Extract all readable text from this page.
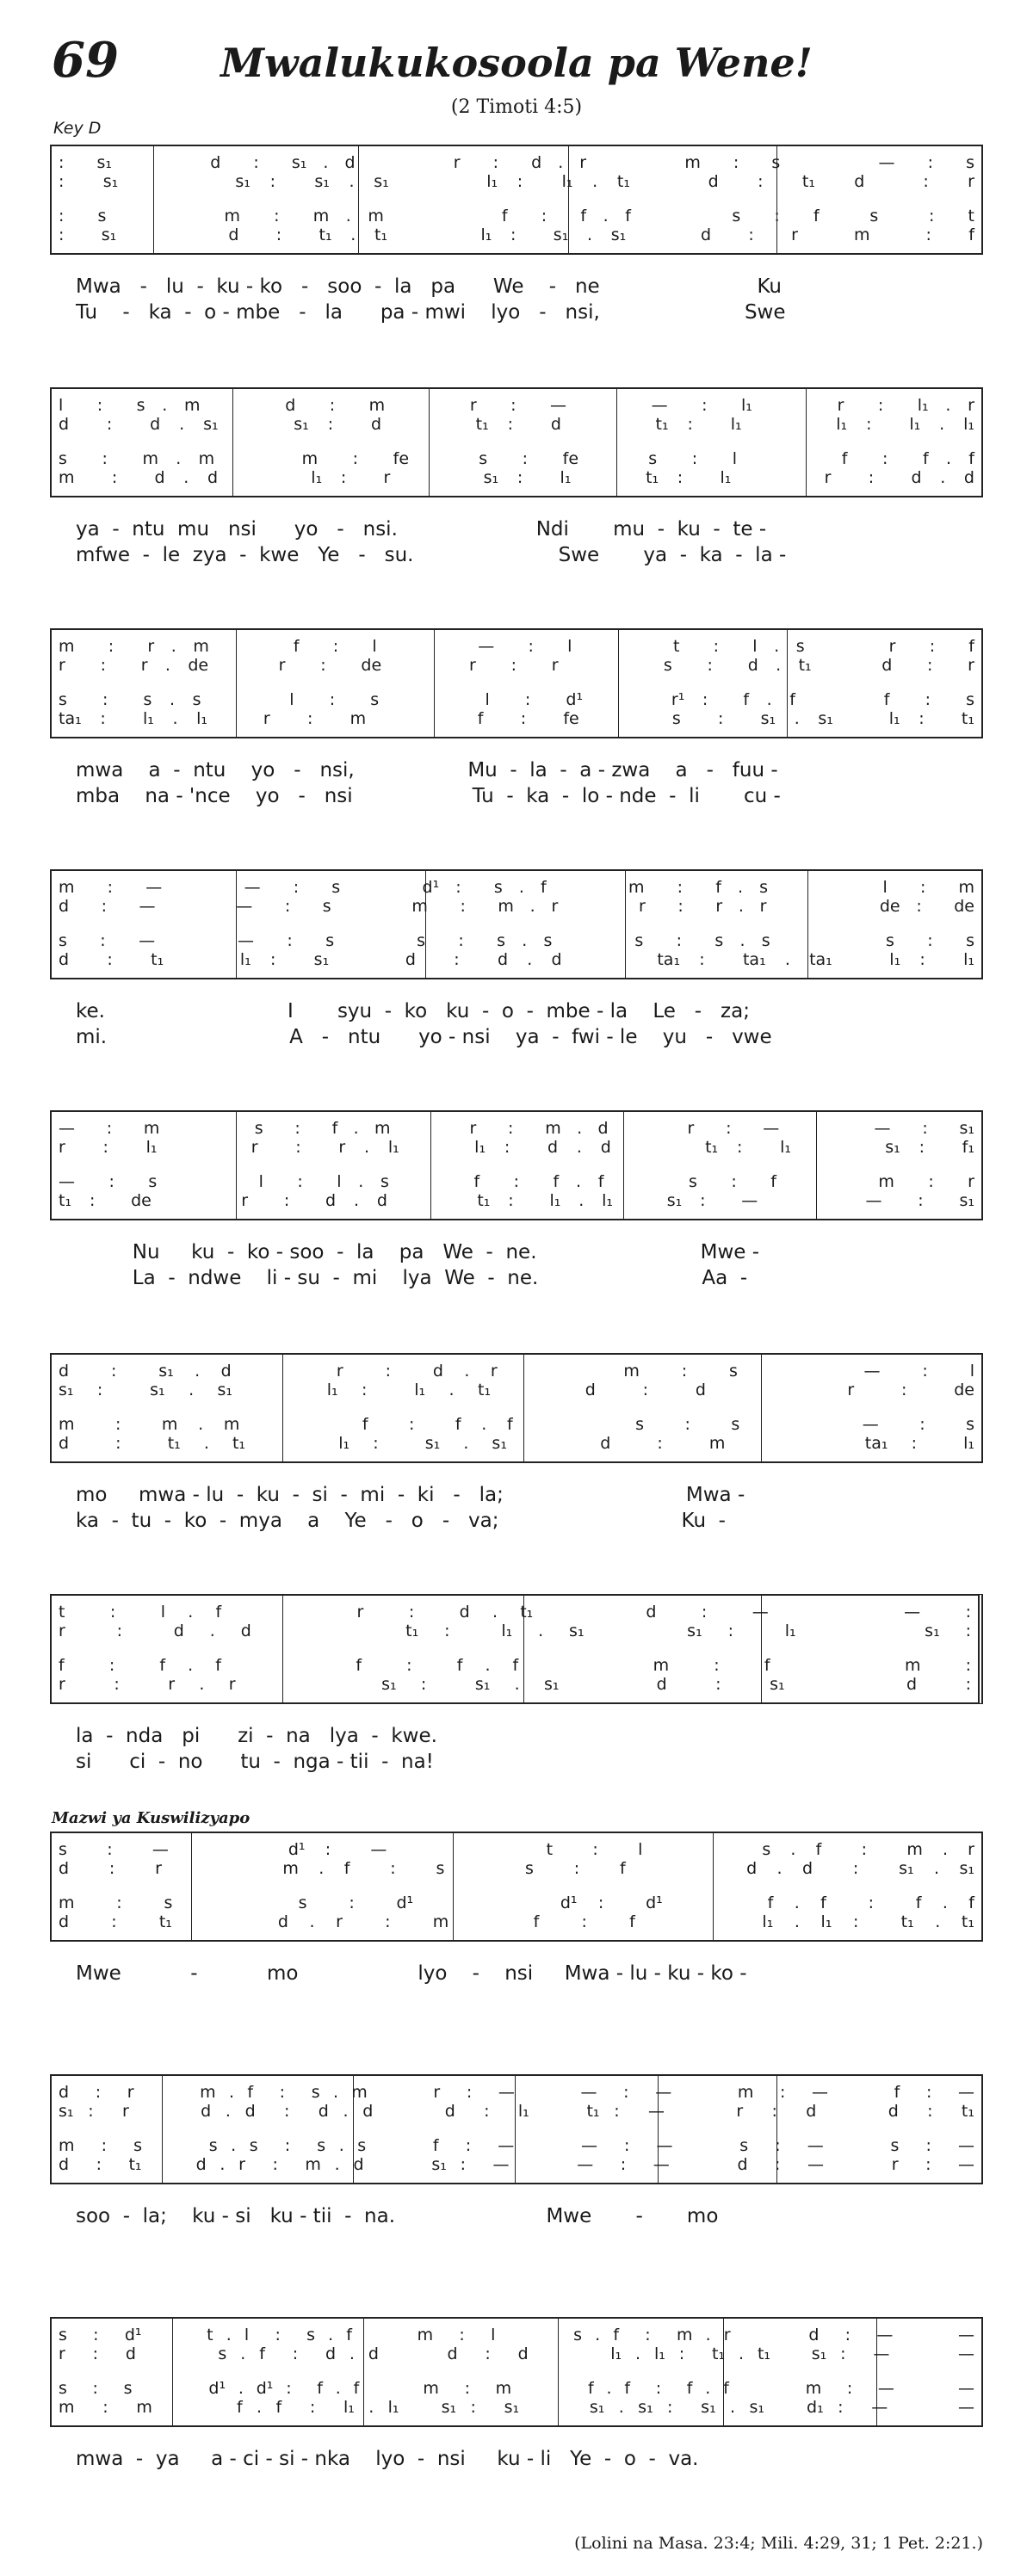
69	Mwalukukosoola pa Wene!
(2 Timoti 4:5)
Key D
:  s₁      d  :  s₁ . d      r  :  d . r      m  :  s      —  :  s
:  s₁      s₁ :  s₁ . s₁     l₁ :  l₁ . t₁    d  :  t₁  d   :  r
:  s       m  :  m . m       f  :  f . f      s  :  f   s   :  t
:  s₁      d  :  t₁ . t₁     l₁ :  s₁ . s₁    d  :  r   m   :  f
Mwa   -   lu  -  ku - ko   -   soo  -  la   pa      We    -   ne                         Ku
Tu    -   ka  -  o - mbe   -   la      pa - mwi    lyo   -   nsi,                       Swe
l  :  s . m     d  :  m     r  :  —     —  :  l₁     r  :  l₁ . r
d  :  d . s₁    s₁ :  d     t₁ :  d     t₁ :  l₁     l₁ :  l₁ . l₁
s  :  m . m     m  :  fe    s  :  fe    s  :  l      f  :  f . f
m  :  d . d     l₁ :  r     s₁ :  l₁    t₁ :  l₁     r  :  d . d
ya  -  ntu  mu   nsi      yo   -   nsi.                      Ndi       mu  -  ku  -  te -
mfwe  -  le  zya  -  kwe   Ye   -   su.                       Swe       ya  -  ka  -  la -
m  :  r . m     f  :  l      —  :  l      t  :  l . s     r  :  f
r  :  r . de    r  :  de     r  :  r      s  :  d . t₁    d  :  r
s  :  s . s     l  :  s      l  :  d¹     r¹ :  f . f     f  :  s
ta₁ :  l₁ . l₁   r  :  m      f  :  fe     s  :  s₁ . s₁   l₁ :  t₁
mwa    a  -  ntu    yo   -   nsi,                  Mu  -  la  -  a - zwa    a   -   fuu -
mba    na - 'nce    yo   -   nsi                   Tu  -  ka  -  lo - nde  -  li       cu -
m  :  —     —  :  s     d¹ :  s . f     m  :  f . s       l  :  m
d  :  —     —  :  s     m  :  m . r     r  :  r . r       de :  de
s  :  —     —  :  s     s  :  s . s     s  :  s . s       s  :  s
d  :  t₁    l₁ :  s₁    d  :  d . d     ta₁ :  ta₁ . ta₁   l₁ :  l₁
ke.                             I       syu  -  ko   ku  -  o  -  mbe - la    Le   -   za;
mi.                             A   -   ntu      yo - nsi    ya  -  fwi - le    yu   -   vwe
—  :  m      s  :  f . m     r  :  m . d     r  :  —      —  :  s₁
r  :  l₁     r  :  r . l₁    l₁ :  d . d     t₁ :  l₁     s₁ :  f₁
—  :  s      l  :  l . s     f  :  f . f     s  :  f      m  :  r
t₁ :  de     r  :  d . d     t₁ :  l₁ . l₁   s₁ :  —      —  :  s₁
Nu     ku  -  ko - soo  -  la    pa   We  -  ne.                          Mwe -
La  -  ndwe    li - su  -  mi    lya  We  -  ne.                          Aa  -
d  :  s₁ . d     r  :  d . r      m  :  s      —  :  l
s₁ :  s₁ . s₁    l₁ :  l₁ . t₁    d  :  d      r  :  de
m  :  m . m      f  :  f . f      s  :  s      —  :  s
d  :  t₁ . t₁    l₁ :  s₁ . s₁    d  :  m      ta₁ :  l₁
mo     mwa - lu  -  ku  -  si  -  mi  -  ki   -   la;                             Mwa -
ka  -  tu  -  ko  -  mya    a    Ye   -   o   -   va;                             Ku  -
t  :  l . f      r  :  d . t₁     d  :  —      —  :
r  :  d . d      t₁ :  l₁ . s₁    s₁ :  l₁     s₁ :
f  :  f . f      f  :  f . f      m  :  f      m  :
r  :  r . r      s₁ :  s₁ . s₁    d  :  s₁     d  :
la  -  nda   pi      zi  -  na   lya  -  kwe.
si      ci  -  no      tu  -  nga - tii  -  na!
s  :  —      d¹ :  —        t  :  l      s . f  :  m . r
d  :  r      m . f  :  s    s  :  f      d . d  :  s₁ . s₁
m  :  s      s  :  d¹       d¹ :  d¹     f . f  :  f . f
d  :  t₁     d . r  :  m    f  :  f      l₁ . l₁ :  t₁ . t₁
Mwe           -           mo                   lyo    -    nsi     Mwa - lu - ku - ko -
d  :  r     m . f  :  s . m     r  :  —     —  :  —     m  :  —     f  :  —
s₁ :  r     d . d  :  d . d     d  :  l₁    t₁ :  —     r  :  d     d  :  t₁
m  :  s     s . s  :  s . s     f  :  —     —  :  —     s  :  —     s  :  —
d  :  t₁    d . r  :  m . d     s₁ :  —     —  :  —     d  :  —     r  :  —
soo  -  la;    ku - si   ku - tii  -  na.                        Mwe       -       mo
s  :  d¹     t . l  :  s . f     m  :  l      s . f  :  m . r      d  :  —     —
r  :  d      s . f  :  d . d     d  :  d      l₁ . l₁ :  t₁ . t₁   s₁ :  —     —
s  :  s      d¹ . d¹ :  f . f     m  :  m      f . f  :  f . f      m  :  —     —
m  :  m      f . f  :  l₁ . l₁   s₁ :  s₁     s₁ . s₁ :  s₁ . s₁   d₁ :  —     —
mwa  -  ya     a - ci - si - nka    lyo  -  nsi     ku - li   Ye  -  o  -  va.
Mazwi ya Kuswilizyapo
(Lolini na Masa. 23:4; Mili. 4:29, 31; 1 Pet. 2:21.)
